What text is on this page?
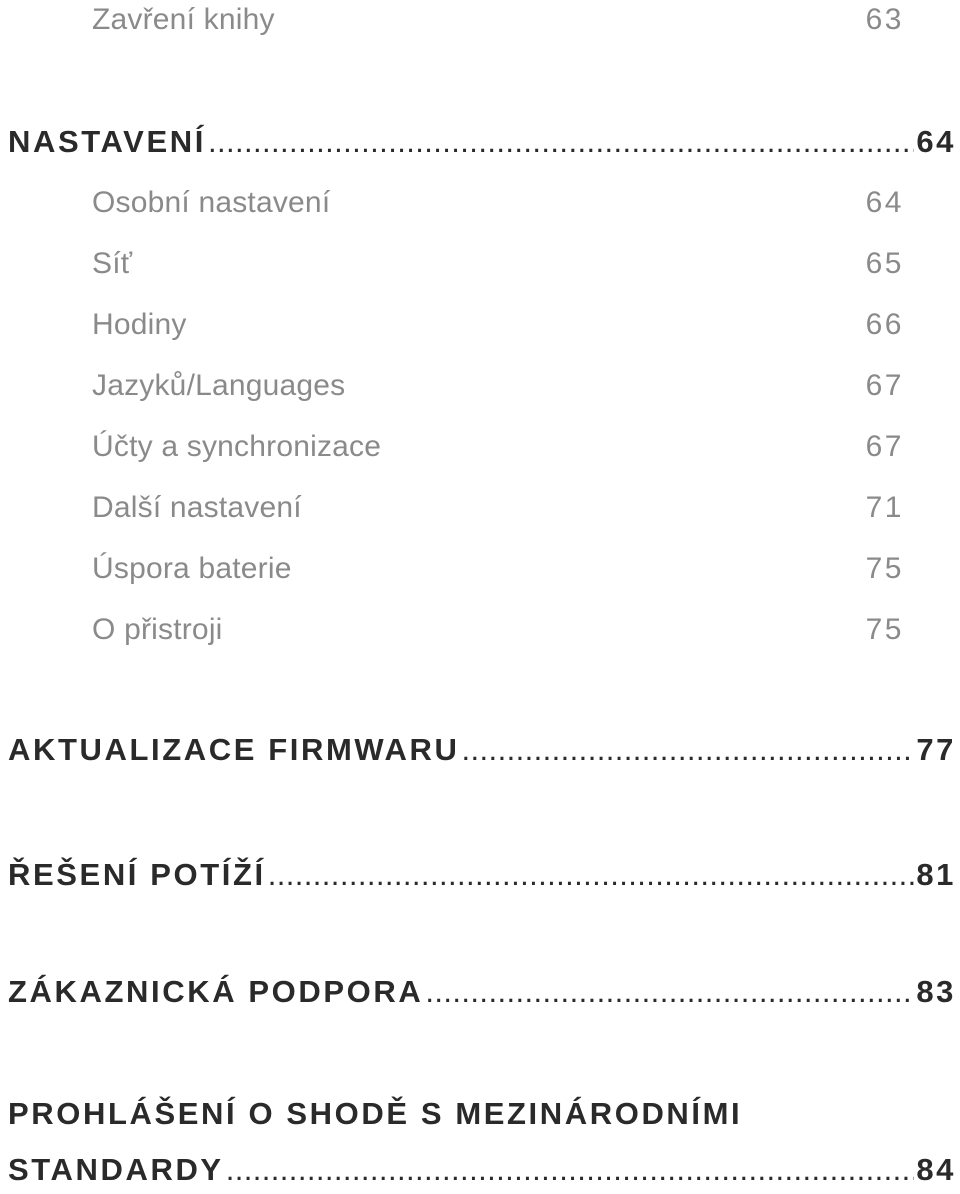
Zavření knihy	63
NASTAVENÍ .....	64
Osobní nastavení	64
Síť	65
Hodiny	66
Jazyků/Languages	67
Účty a synchronizace	67
Další nastavení	71
Úspora baterie	75
O přistroji	75
AKTUALIZACE FIRMWARU .....	77
ŘEŠENÍ POTÍŽÍ .....	81
ZÁKAZNICKÁ PODPORA .....	83
PROHLÁŠENÍ O SHODĚ S MEZINÁRODNÍMI
STANDARDY .....	84
